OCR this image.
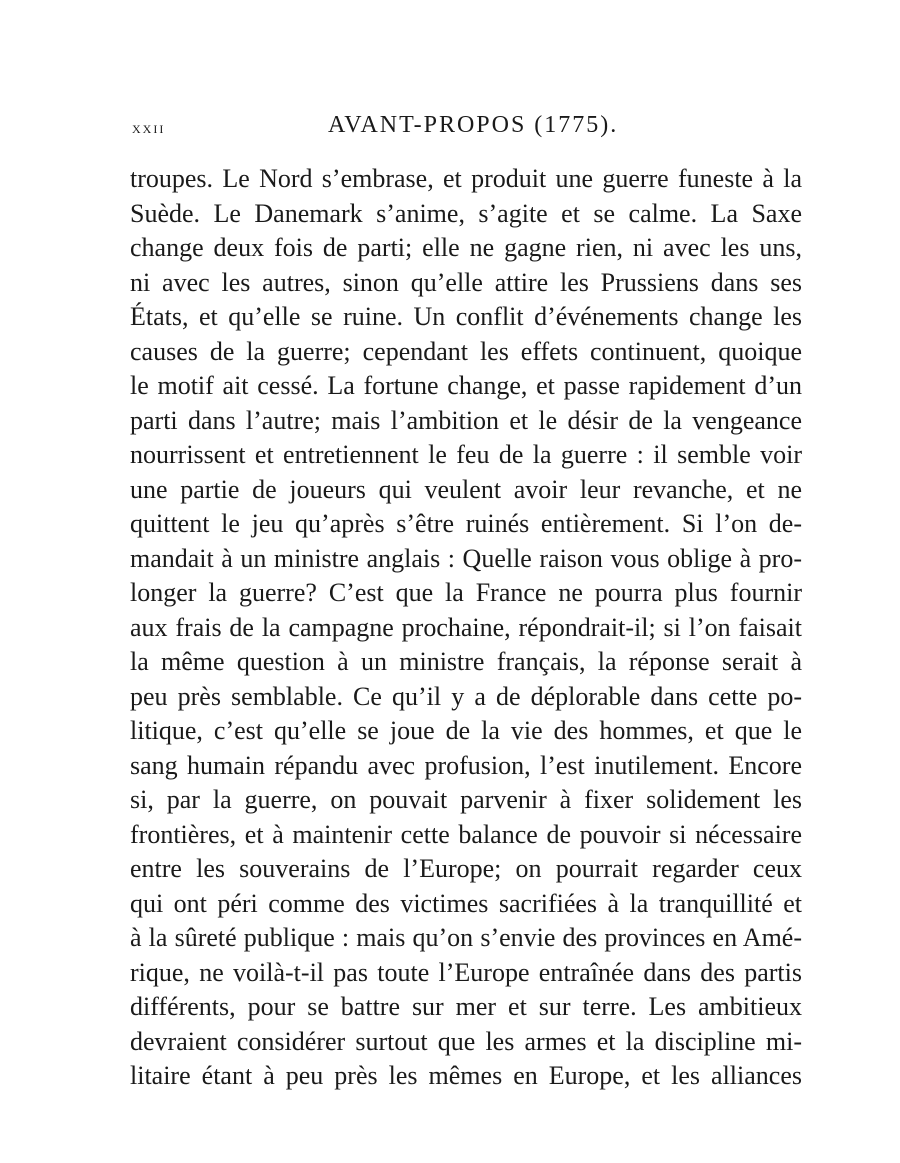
xxii	AVANT-PROPOS (1775).
troupes. Le Nord s’embrase, et produit une guerre funeste à la
Suède. Le Danemark s’anime, s’agite et se calme. La Saxe
change deux fois de parti; elle ne gagne rien, ni avec les uns,
ni avec les autres, sinon qu’elle attire les Prussiens dans ses
États, et qu’elle se ruine. Un conflit d’événements change les
causes de la guerre; cependant les effets continuent, quoique
le motif ait cessé. La fortune change, et passe rapidement d’un
parti dans l’autre; mais l’ambition et le désir de la vengeance
nourrissent et entretiennent le feu de la guerre : il semble voir
une partie de joueurs qui veulent avoir leur revanche, et ne
quittent le jeu qu’après s’être ruinés entièrement. Si l’on de-
mandait à un ministre anglais : Quelle raison vous oblige à pro-
longer la guerre? C’est que la France ne pourra plus fournir
aux frais de la campagne prochaine, répondrait-il; si l’on faisait
la même question à un ministre français, la réponse serait à
peu près semblable. Ce qu’il y a de déplorable dans cette po-
litique, c’est qu’elle se joue de la vie des hommes, et que le
sang humain répandu avec profusion, l’est inutilement. Encore
si, par la guerre, on pouvait parvenir à fixer solidement les
frontières, et à maintenir cette balance de pouvoir si nécessaire
entre les souverains de l’Europe; on pourrait regarder ceux
qui ont péri comme des victimes sacrifiées à la tranquillité et
à la sûreté publique : mais qu’on s’envie des provinces en Amé-
rique, ne voilà-t-il pas toute l’Europe entraînée dans des partis
différents, pour se battre sur mer et sur terre. Les ambitieux
devraient considérer surtout que les armes et la discipline mi-
litaire étant à peu près les mêmes en Europe, et les alliances
